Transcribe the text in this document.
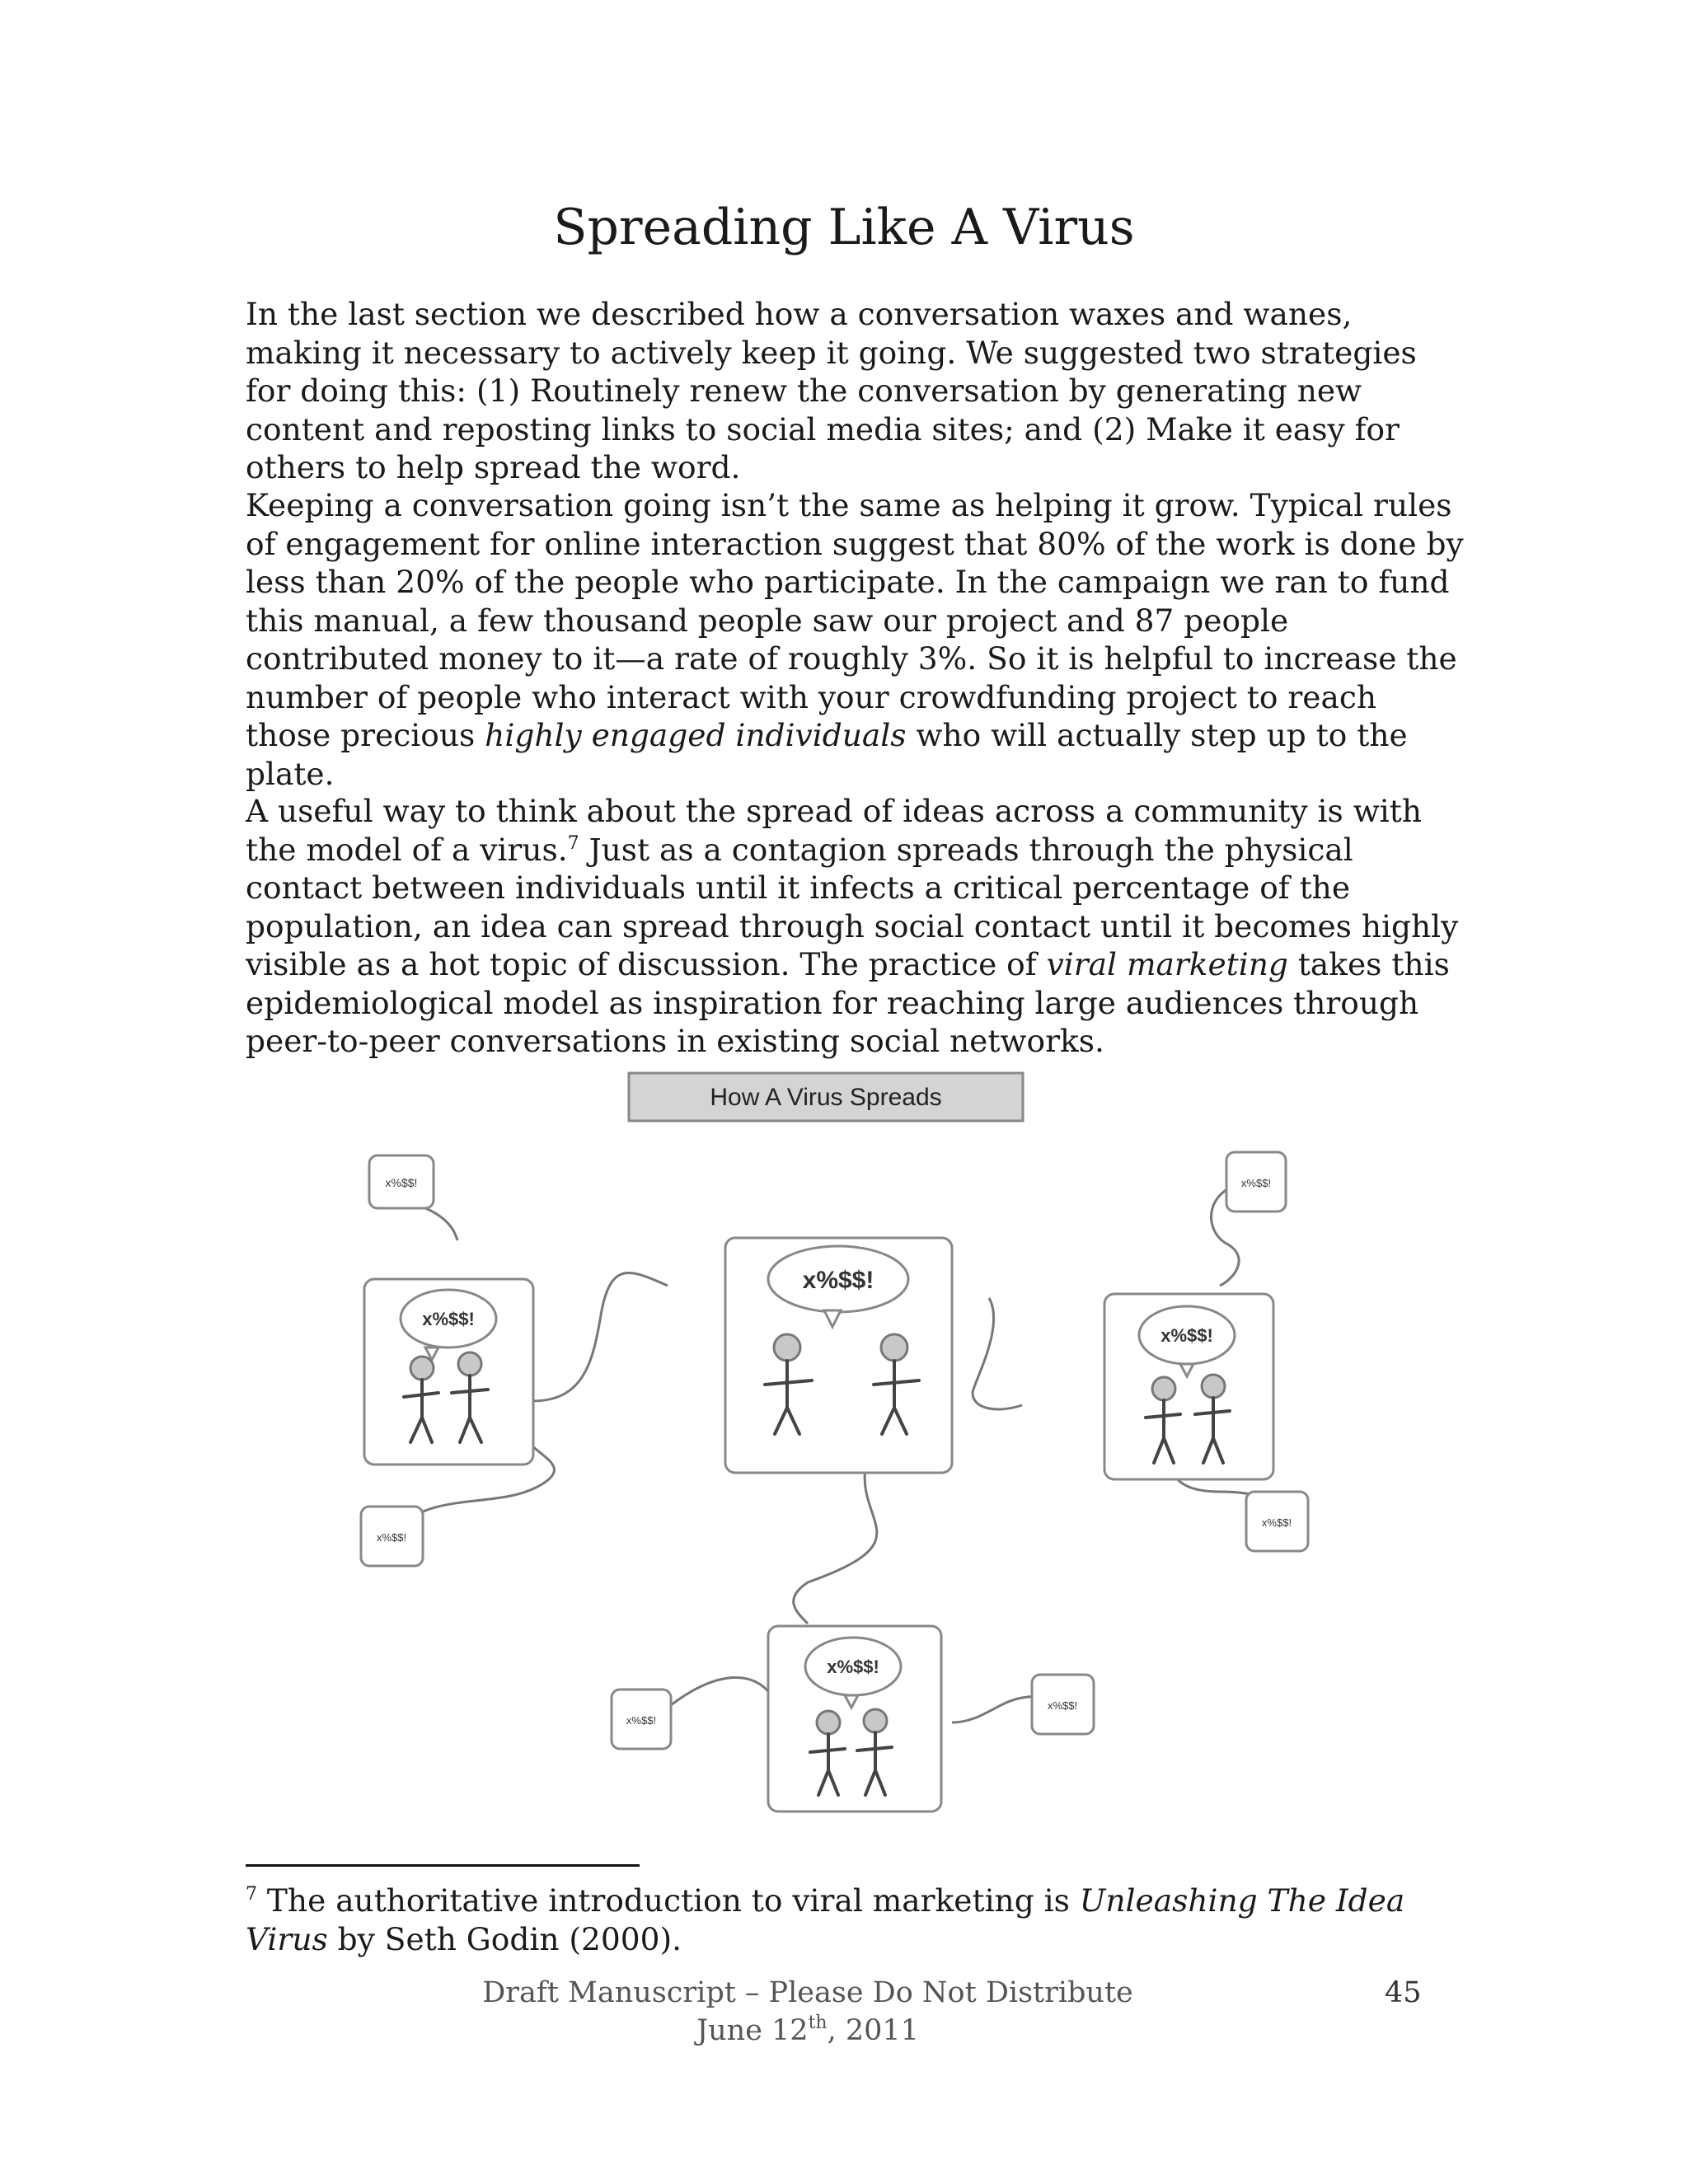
Spreading Like A Virus

In the last section we described how a conversation waxes and wanes, making it necessary to actively keep it going. We suggested two strategies for doing this: (1) Routinely renew the conversation by generating new content and reposting links to social media sites; and (2) Make it easy for others to help spread the word.

Keeping a conversation going isn’t the same as helping it grow. Typical rules of engagement for online interaction suggest that 80% of the work is done by less than 20% of the people who participate. In the campaign we ran to fund this manual, a few thousand people saw our project and 87 people contributed money to it—a rate of roughly 3%. So it is helpful to increase the number of people who interact with your crowdfunding project to reach those precious highly engaged individuals who will actually step up to the plate.

A useful way to think about the spread of ideas across a community is with the model of a virus.$^7$ Just as a contagion spreads through the physical contact between individuals until it infects a critical percentage of the population, an idea can spread through social contact until it becomes highly visible as a hot topic of discussion. The practice of viral marketing takes this epidemiological model as inspiration for reaching large audiences through peer-to-peer conversations in existing social networks.

How A Virus Spreads
x%$$!
x%$$!
x%$$!
x%$$!
x%$$!
x%$$!
x%$$!
x%$$!
x%$$!
x%$$!

$^7$ The authoritative introduction to viral marketing is Unleashing The Idea Virus by Seth Godin (2000).

Draft Manuscript – Please Do Not Distribute

June 12th, 2011

45
